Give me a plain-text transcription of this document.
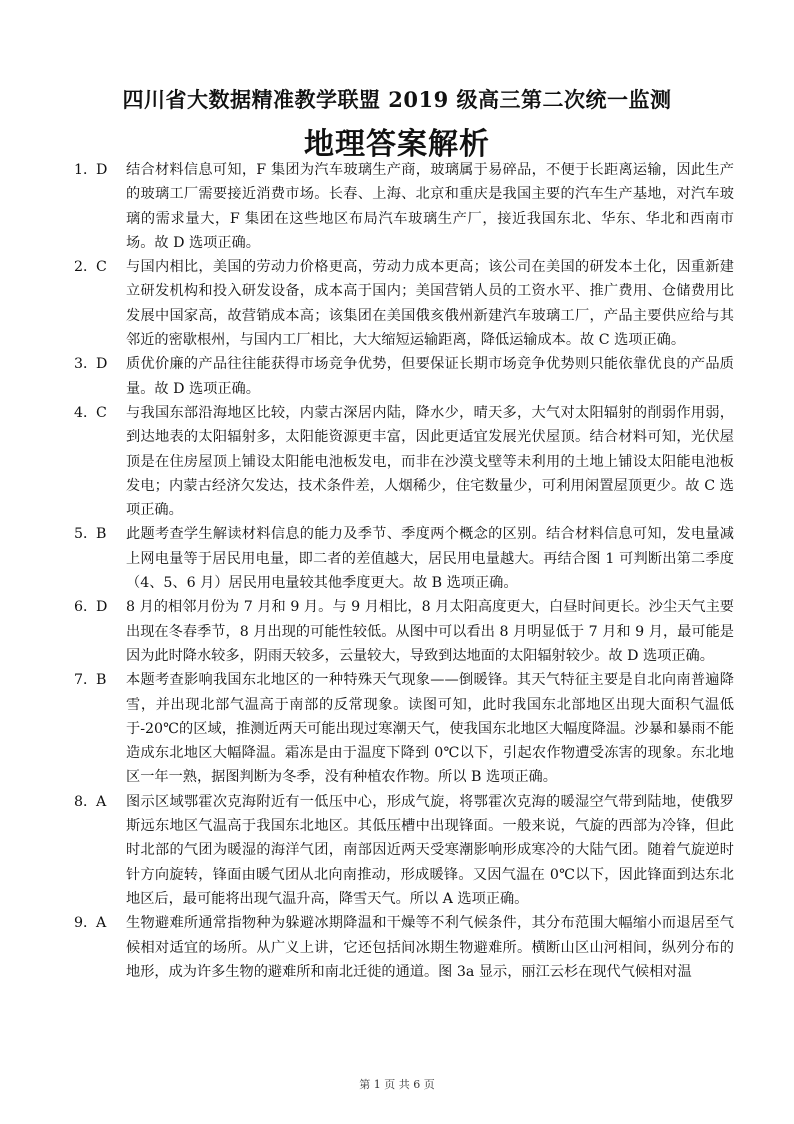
四川省大数据精准教学联盟 2019 级高三第二次统一监测
地理答案解析
1．
D	结合材料信息可知，F 集团为汽车玻璃生产商，玻璃属于易碎品，不便于长距离运输，因此生产的玻璃工厂需要接近消费市场。长春、上海、北京和重庆是我国主要的汽车生产基地，对汽车玻璃的需求量大，F 集团在这些地区布局汽车玻璃生产厂，接近我国东北、华东、华北和西南市场。故 D 选项正确。
2．
C	与国内相比，美国的劳动力价格更高，劳动力成本更高；该公司在美国的研发本土化，因重新建立研发机构和投入研发设备，成本高于国内；美国营销人员的工资水平、推广费用、仓储费用比发展中国家高，故营销成本高；该集团在美国俄亥俄州新建汽车玻璃工厂，产品主要供应给与其邻近的密歇根州，与国内工厂相比，大大缩短运输距离，降低运输成本。故 C 选项正确。
3．
D	质优价廉的产品往往能获得市场竞争优势，但要保证长期市场竞争优势则只能依靠优良的产品质量。故 D 选项正确。
4．
C	与我国东部沿海地区比较，内蒙古深居内陆，降水少，晴天多，大气对太阳辐射的削弱作用弱，到达地表的太阳辐射多，太阳能资源更丰富，因此更适宜发展光伏屋顶。结合材料可知，光伏屋顶是在住房屋顶上铺设太阳能电池板发电，而非在沙漠戈壁等未利用的土地上铺设太阳能电池板发电；内蒙古经济欠发达，技术条件差，人烟稀少，住宅数量少，可利用闲置屋顶更少。故 C 选项正确。
5．
B	此题考查学生解读材料信息的能力及季节、季度两个概念的区别。结合材料信息可知，发电量减上网电量等于居民用电量，即二者的差值越大，居民用电量越大。再结合图 1 可判断出第二季度（4、5、6 月）居民用电量较其他季度更大。故 B 选项正确。
6．
D	8 月的相邻月份为 7 月和 9 月。与 9 月相比，8 月太阳高度更大，白昼时间更长。沙尘天气主要出现在冬春季节，8 月出现的可能性较低。从图中可以看出 8 月明显低于 7 月和 9 月，最可能是因为此时降水较多，阴雨天较多，云量较大，导致到达地面的太阳辐射较少。故 D 选项正确。
7．
B	本题考查影响我国东北地区的一种特殊天气现象——倒暖锋。其天气特征主要是自北向南普遍降雪，并出现北部气温高于南部的反常现象。读图可知，此时我国东北部地区出现大面积气温低于-20℃的区域，推测近两天可能出现过寒潮天气，使我国东北地区大幅度降温。沙暴和暴雨不能造成东北地区大幅降温。霜冻是由于温度下降到 0℃以下，引起农作物遭受冻害的现象。东北地区一年一熟，据图判断为冬季，没有种植农作物。所以 B 选项正确。
8．
A	图示区域鄂霍次克海附近有一低压中心，形成气旋，将鄂霍次克海的暖湿空气带到陆地，使俄罗斯远东地区气温高于我国东北地区。其低压槽中出现锋面。一般来说，气旋的西部为冷锋，但此时北部的气团为暖湿的海洋气团，南部因近两天受寒潮影响形成寒冷的大陆气团。随着气旋逆时针方向旋转，锋面由暖气团从北向南推动，形成暖锋。又因气温在 0℃以下，因此锋面到达东北地区后，最可能将出现气温升高，降雪天气。所以 A 选项正确。
9．
A	生物避难所通常指物种为躲避冰期降温和干燥等不利气候条件，其分布范围大幅缩小而退居至气候相对适宜的场所。从广义上讲，它还包括间冰期生物避难所。横断山区山河相间，纵列分布的地形，成为许多生物的避难所和南北迁徙的通道。图 3a 显示，丽江云杉在现代气候相对温
第 1 页 共 6 页
